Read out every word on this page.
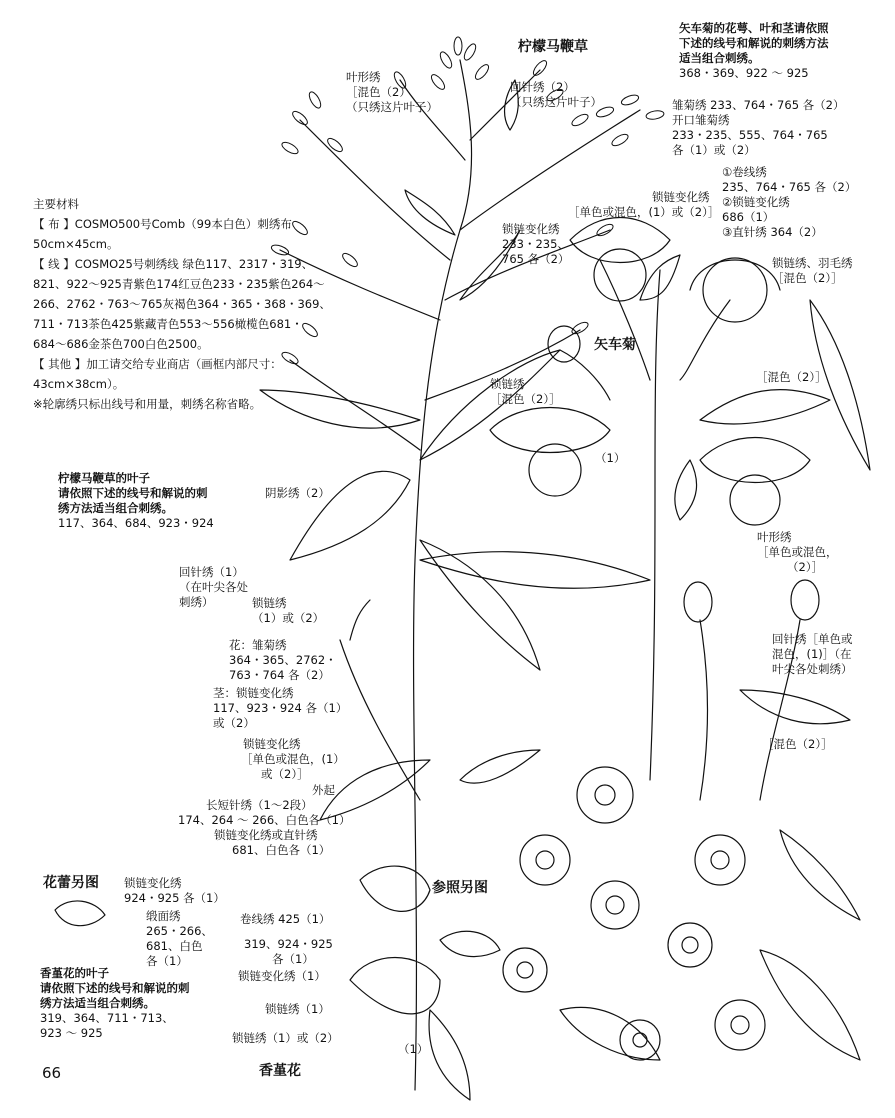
柠檬马鞭草
矢车菊
香堇花
花蕾另图	参照另图
主要材料
【 布 】COSMO500号Comb（99本白色）刺绣布
50cm×45cm。
【 线 】COSMO25号刺绣线 绿色117、2317・319、
821、922～925青紫色174红豆色233・235紫色264～
266、2762・763～765灰褐色364・365・368・369、
711・713茶色425紫藏青色553～556橄榄色681・
684～686金茶色700白色2500。
【 其他 】加工请交给专业商店（画框内部尺寸：
43cm×38cm）。
※轮廓绣只标出线号和用量，刺绣名称省略。
柠檬马鞭草的叶子
请依照下述的线号和解说的刺
绣方法适当组合刺绣。
117、364、684、923・924
香堇花的叶子
请依照下述的线号和解说的刺
绣方法适当组合刺绣。
319、364、711・713、
923 ～ 925
矢车菊的花萼、叶和茎请依照
下述的线号和解说的刺绣方法
适当组合刺绣。
368・369、922 ～ 925
叶形绣
［混色（2）
（只绣这片叶子）
回针绣（2）
（只绣这片叶子）	雏菊绣 233、764・765 各（2）
开口雏菊绣
233・235、555、764・765
各（1）或（2）
①卷线绣
235、764・765 各（2）
②锁链变化绣
686（1）
③直针绣 364（2）
锁链变化绣
［单色或混色，(1）或（2）］
锁链变化绣
233・235、
765 各（2）	锁链绣、羽毛绣
［混色（2）］
［混色（2）］
锁链绣
［混色（2）］
（1）
阴影绣（2）
叶形绣
［单色或混色，
（2）］
回针绣（1）
（在叶尖各处
刺绣）	锁链绣
（1）或（2）
回针绣［单色或
混色，(1)］（在
叶尖各处刺绣）
［混色（2）］
花：雏菊绣
364・365、2762・
763・764 各（2）
茎：锁链变化绣
117、923・924 各（1）
或（2）
锁链变化绣
［单色或混色，(1）
或（2）］
外起
长短针绣（1～2段）
174、264 ～ 266、白色各（1）
锁链变化绣或直针绣
681、白色各（1）
锁链变化绣
924・925 各（1）
缎面绣
265・266、
681、白色
各（1）
卷线绣 425（1）
319、924・925
各（1）
锁链变化绣（1）
锁链绣（1）
锁链绣（1）或（2）
（1）
66
